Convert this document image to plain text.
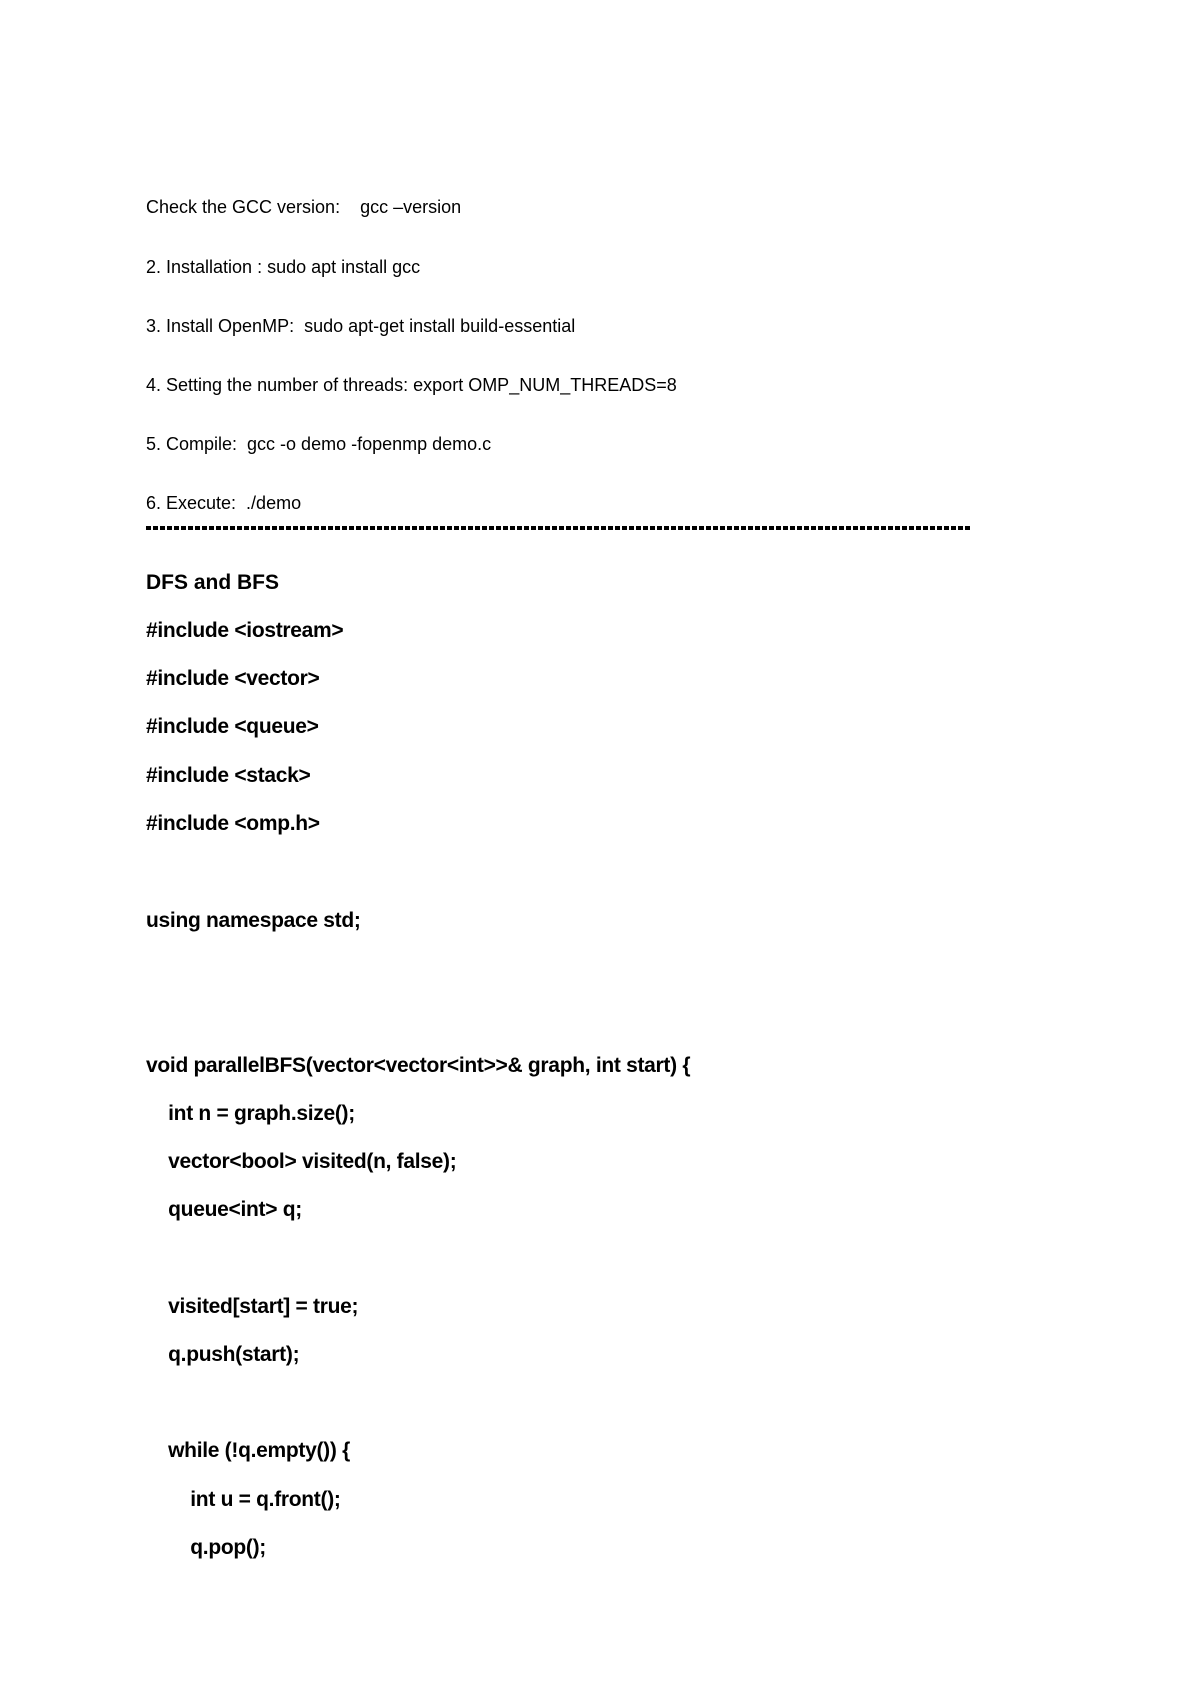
Check the GCC version:    gcc –version
2. Installation : sudo apt install gcc
3. Install OpenMP:  sudo apt-get install build-essential
4. Setting the number of threads: export OMP_NUM_THREADS=8
5. Compile:  gcc -o demo -fopenmp demo.c
6. Execute:  ./demo
DFS and BFS
#include <iostream>
#include <vector>
#include <queue>
#include <stack>
#include <omp.h>
using namespace std;
void parallelBFS(vector<vector<int>>& graph, int start) {
int n = graph.size();
vector<bool> visited(n, false);
queue<int> q;
visited[start] = true;
q.push(start);
while (!q.empty()) {
int u = q.front();
q.pop();
